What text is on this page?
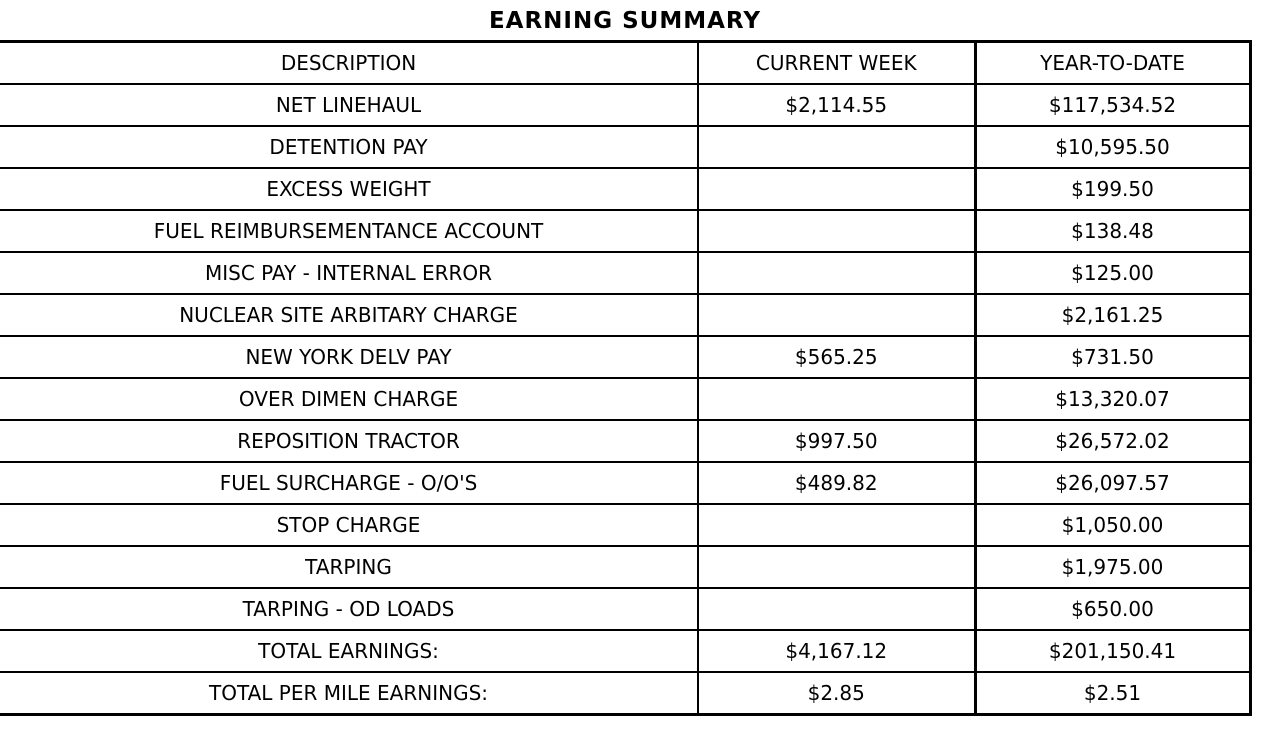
EARNING SUMMARY
DESCRIPTION	CURRENT WEEK	YEAR-TO-DATE
NET LINEHAUL	$2,114.55	$117,534.52
DETENTION PAY		$10,595.50
EXCESS WEIGHT		$199.50
FUEL REIMBURSEMENTANCE ACCOUNT		$138.48
MISC PAY - INTERNAL ERROR		$125.00
NUCLEAR SITE ARBITARY CHARGE		$2,161.25
NEW YORK DELV PAY	$565.25	$731.50
OVER DIMEN CHARGE		$13,320.07
REPOSITION TRACTOR	$997.50	$26,572.02
FUEL SURCHARGE - O/O'S	$489.82	$26,097.57
STOP CHARGE		$1,050.00
TARPING		$1,975.00
TARPING - OD LOADS		$650.00
TOTAL EARNINGS:	$4,167.12	$201,150.41
TOTAL PER MILE EARNINGS:	$2.85	$2.51
